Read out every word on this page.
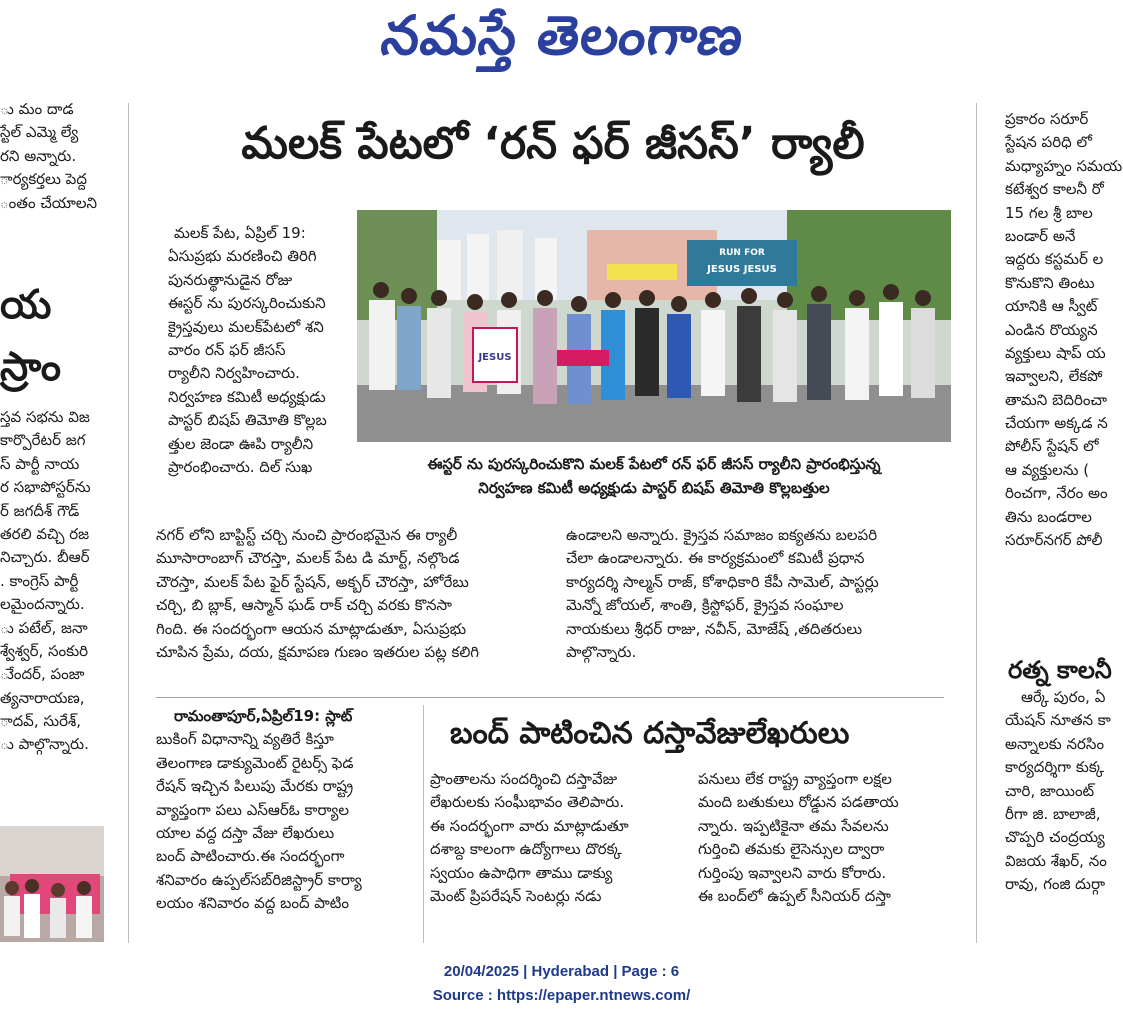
నమస్తే తెలంగాణ
ు మం దాడ
స్టేల్ ఎమ్మె ల్యే
రని అన్నారు.
ార్యకర్తలు పెద్ద
ంతం చేయాలని
య
స్రాం
స్తవ సభను విజ
కార్పొరేటర్ జగ
స్ పార్టీ నాయ
ర సభాపోస్టర్‌ను
ర్ జగదీశ్ గౌడ్
తరలి వచ్చి రజ
నిచ్చారు. బీఆర్
. కాంగ్రెస్ పార్టీ
లమైందన్నారు.
ు పటేల్, జనా
శ్వేశ్వర్, సంకురి
ుేందర్, పంజా
త్యనారాయణ,
ాదవ్, సురేశ్,
ు పాల్గొన్నారు.
మలక్ పేటలో ‘రన్ ఫర్ జీసస్’ ర్యాలీ
మలక్ పేట, ఏప్రిల్ 19:
ఏసుప్రభు మరణించి తిరిగి
పునరుత్థానుడైన రోజు
ఈస్టర్ ను పురస్కరించుకుని
క్రైస్తవులు మలక్‌పేటలో శని
వారం రన్ ఫర్ జీసస్
ర్యాలీని నిర్వహించారు.
నిర్వహణ కమిటీ అధ్యక్షుడు
పాస్టర్ బిషప్ తిమోతి కొల్లబ
త్తుల జెండా ఊపి ర్యాలీని
ప్రారంభించారు. దిల్ సుఖ
JESUS
RUN FOR
JESUS JESUS
ఈస్టర్ ను పురస్కరించుకొని మలక్ పేటలో రన్ ఫర్ జీసస్ ర్యాలీని ప్రారంభిస్తున్న
నిర్వహణ కమిటీ అధ్యక్షుడు పాస్టర్ బిషప్ తిమోతి కొల్లబత్తుల
నగర్ లోని బాప్టిస్ట్ చర్చి నుంచి ప్రారంభమైన ఈ ర్యాలీ
మూసారాంబాగ్ చౌరస్తా, మలక్ పేట డి మార్ట్, నల్గొండ
చౌరస్తా, మలక్ పేట ఫైర్ స్టేషన్, అక్బర్ చౌరస్తా, హోరేబు
చర్చి, బి బ్లాక్, ఆస్మాన్ ఘడ్ రాక్ చర్చి వరకు కొనసా
గింది. ఈ సందర్భంగా ఆయన మాట్లాడుతూ, ఏసుప్రభు
చూపిన ప్రేమ, దయ, క్షమాపణ గుణం ఇతరుల పట్ల కలిగి
ఉండాలని అన్నారు. క్రైస్తవ సమాజం ఐక్యతను బలపరి
చేలా ఉండాలన్నారు. ఈ కార్యక్రమంలో కమిటీ ప్రధాన
కార్యదర్శి సాల్మన్ రాజ్, కోశాధికారి కేపీ సామెల్, పాస్టర్లు
మెన్నో జోయల్, శాంతి, క్రిస్టోఫర్, క్రైస్తవ సంఘాల
నాయకులు శ్రీధర్ రాజు, నవీన్, మోజేష్ ,తదితరులు
పాల్గొన్నారు.
బంద్ పాటించిన దస్తావేజులేఖరులు
రామంతాపూర్,ఏప్రిల్19: స్లాట్
బుకింగ్ విధానాన్ని వ్యతిరే కిస్తూ
తెలంగాణ డాక్యుమెంట్ రైటర్స్ ఫెడ
రేషన్ ఇచ్చిన పిలుపు మేరకు రాష్ట్ర
వ్యాప్తంగా పలు ఎస్ఆర్ఓ కార్యాల
యాల వద్ద దస్తా వేజు లేఖరులు
బంద్ పాటించారు.ఈ సందర్భంగా
శనివారం ఉప్పల్‌సబ్‌రిజిస్ట్రార్ కార్యా
లయం శనివారం వద్ద బంద్ పాటిం
ప్రాంతాలను సందర్శించి దస్తావేజు
లేఖరులకు సంఘీభావం తెలిపారు.
ఈ సందర్భంగా వారు మాట్లాడుతూ
దశాబ్ద కాలంగా ఉద్యోగాలు దొరక్క
స్వయం ఉపాధిగా తాము డాక్యు
మెంట్ ప్రిపరేషన్ సెంటర్లు నడు
పనులు లేక రాష్ట్ర వ్యాప్తంగా లక్షల
మంది బతుకులు రోడ్డున పడతాయ
న్నారు. ఇప్పటికైనా తమ సేవలను
గుర్తించి తమకు లైసెన్సుల ద్వారా
గుర్తింపు ఇవ్వాలని వారు కోరారు.
ఈ బంద్‌లో ఉప్పల్ సీనియర్ దస్తా
ప్రకారం సరూర్
స్టేషన పరిధి లో
మధ్యాహ్నం సమయ
కటేశ్వర కాలనీ రో
15 గల శ్రీ బాల
బండార్ అనే
ఇద్దరు కస్టమర్ ల
కొనుకొని తింటు
యానికి ఆ స్వీట్
ఎండిన రొయ్యన
వ్యక్తులు షాప్ య
ఇవ్వాలని, లేకపో
తామని బెదిరించా
చేయగా అక్కడ న
పోలీస్ స్టేషన్ లో
ఆ వ్యక్తులను (
రించగా, నేరం అం
తిను బండరాల
సరూర్‌నగర్ పోలీ
రత్న కాలనీ
ఆర్కే పురం, ఏ
యేషన్ నూతన కా
అన్నాలకు నరసిం
కార్యదర్శిగా కుక్క
చారి, జాయింట్
రీగా జి. బాలాజీ,
చొప్పరి చంద్రయ్య
విజయ శేఖర్, నం
రావు, గంజి దుర్గా
20/04/2025 | Hyderabad | Page : 6
Source : https://epaper.ntnews.com/
